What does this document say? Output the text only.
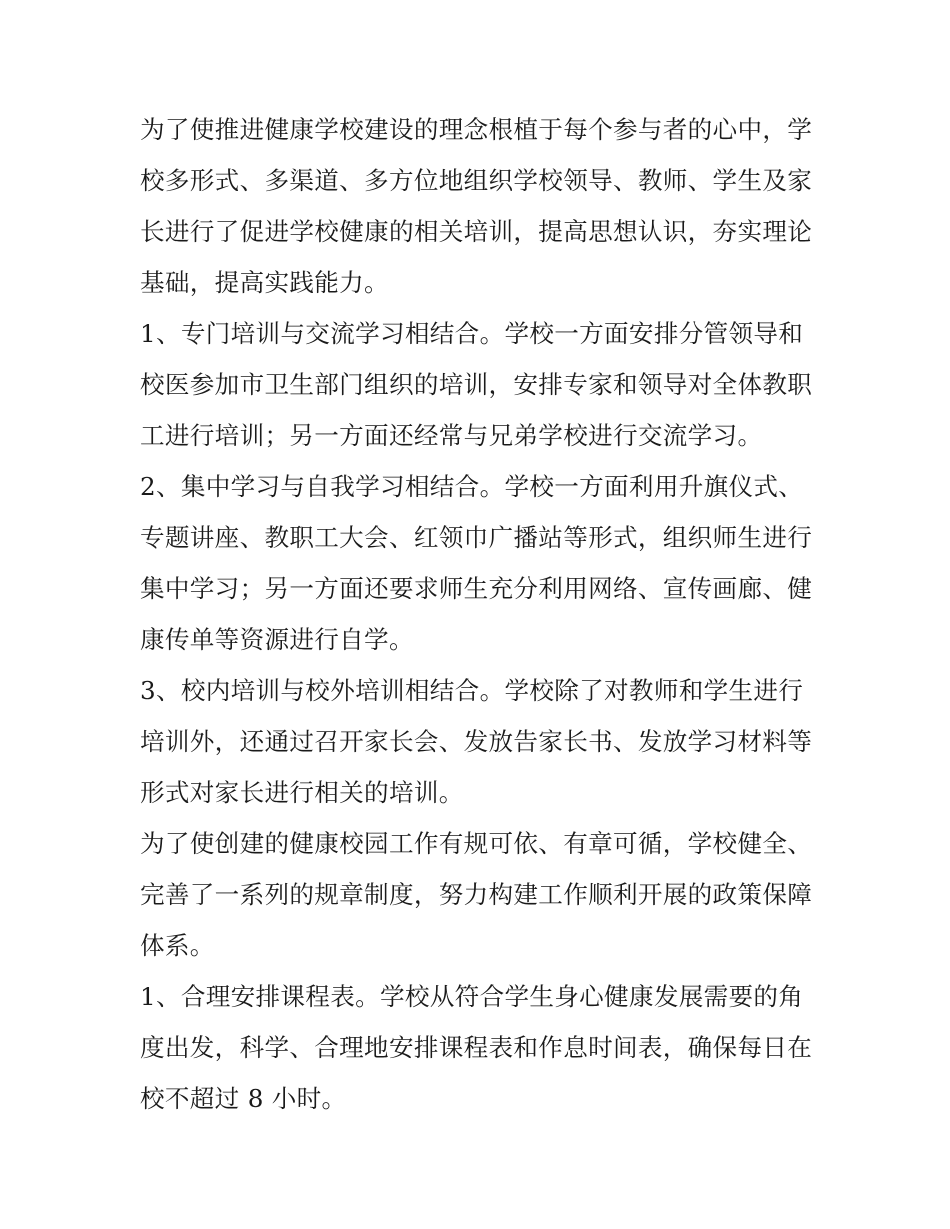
为了使推进健康学校建设的理念根植于每个参与者的心中，学校多形式、多渠道、多方位地组织学校领导、教师、学生及家长进行了促进学校健康的相关培训，提高思想认识，夯实理论基础，提高实践能力。

1、专门培训与交流学习相结合。学校一方面安排分管领导和校医参加市卫生部门组织的培训，安排专家和领导对全体教职工进行培训；另一方面还经常与兄弟学校进行交流学习。

2、集中学习与自我学习相结合。学校一方面利用升旗仪式、专题讲座、教职工大会、红领巾广播站等形式，组织师生进行集中学习；另一方面还要求师生充分利用网络、宣传画廊、健康传单等资源进行自学。

3、校内培训与校外培训相结合。学校除了对教师和学生进行培训外，还通过召开家长会、发放告家长书、发放学习材料等形式对家长进行相关的培训。

为了使创建的健康校园工作有规可依、有章可循，学校健全、完善了一系列的规章制度，努力构建工作顺利开展的政策保障体系。

1、合理安排课程表。学校从符合学生身心健康发展需要的角度出发，科学、合理地安排课程表和作息时间表，确保每日在校不超过 8 小时。
